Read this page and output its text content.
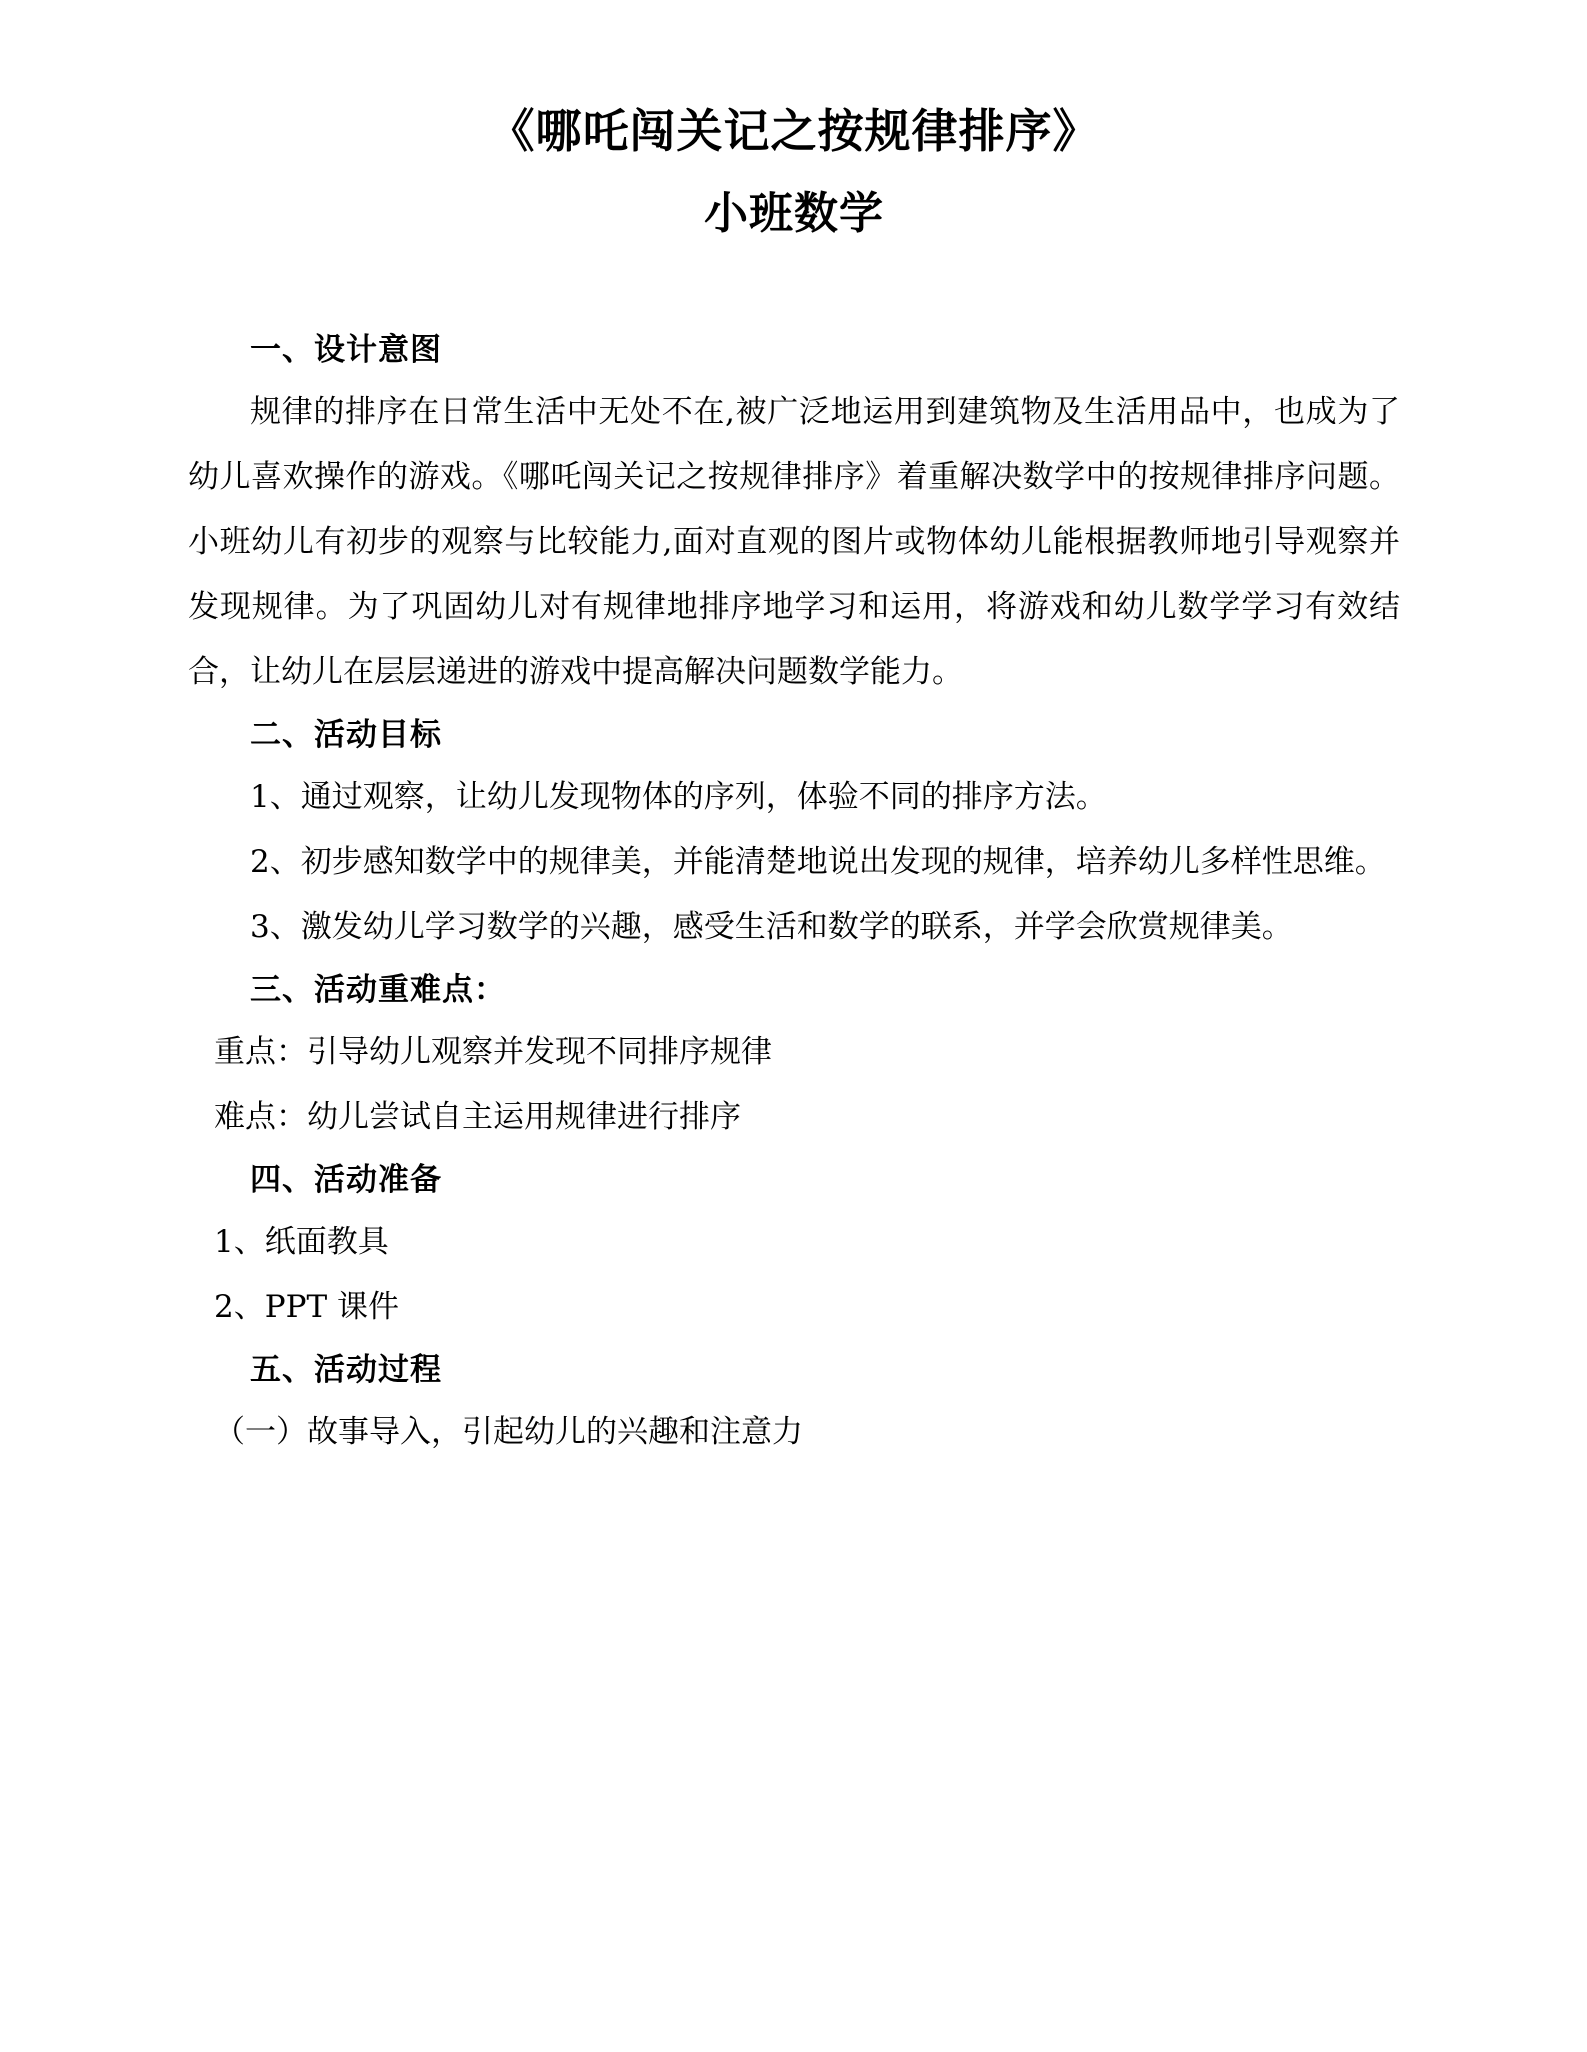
《哪吒闯关记之按规律排序》
小班数学

一、设计意图

规律的排序在日常生活中无处不在,被广泛地运用到建筑物及生活用品中，也成为了幼儿喜欢操作的游戏。《哪吒闯关记之按规律排序》着重解决数学中的按规律排序问题。小班幼儿有初步的观察与比较能力,面对直观的图片或物体幼儿能根据教师地引导观察并发现规律。为了巩固幼儿对有规律地排序地学习和运用，将游戏和幼儿数学学习有效结合，让幼儿在层层递进的游戏中提高解决问题数学能力。

二、活动目标

1、通过观察，让幼儿发现物体的序列，体验不同的排序方法。

2、初步感知数学中的规律美，并能清楚地说出发现的规律，培养幼儿多样性思维。

3、激发幼儿学习数学的兴趣，感受生活和数学的联系，并学会欣赏规律美。

三、活动重难点：

重点：引导幼儿观察并发现不同排序规律

难点：幼儿尝试自主运用规律进行排序

四、活动准备

1、纸面教具

2、PPT 课件

五、活动过程

（一）故事导入，引起幼儿的兴趣和注意力
